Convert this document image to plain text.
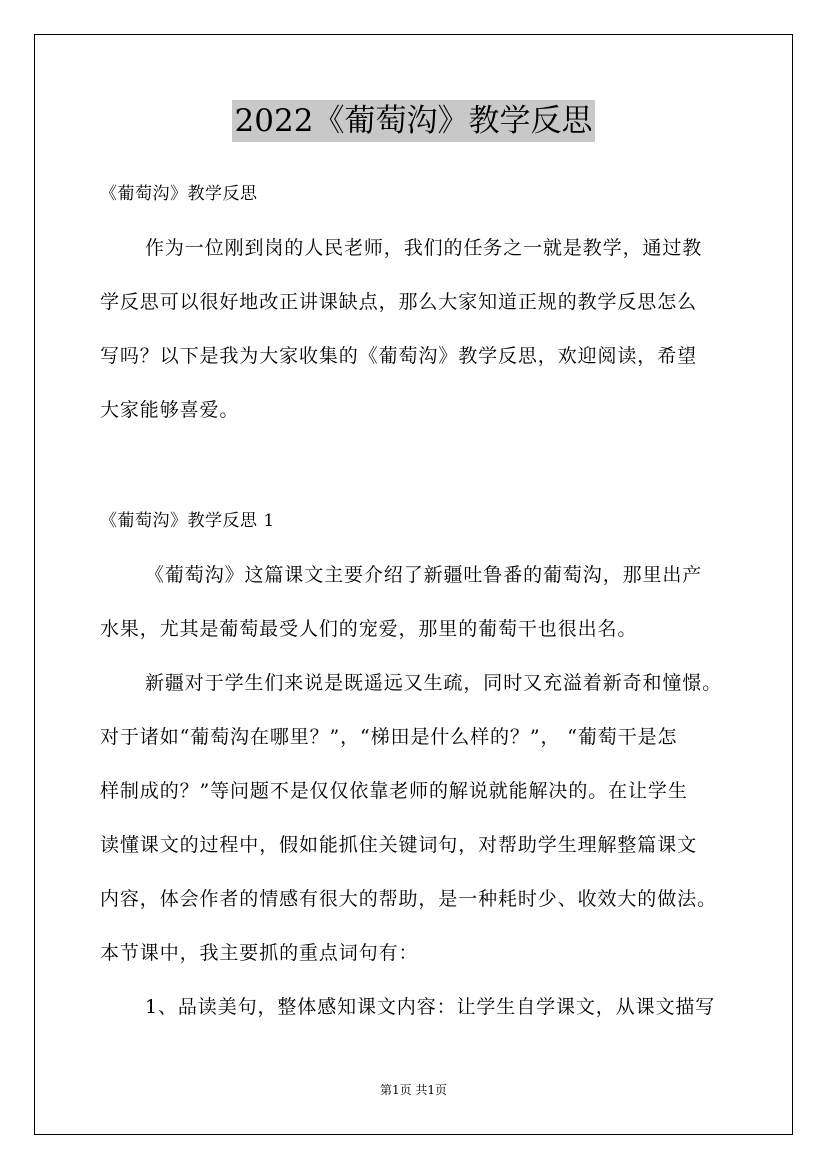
2022《葡萄沟》教学反思
《葡萄沟》教学反思
作为一位刚到岗的人民老师，我们的任务之一就是教学，通过教
学反思可以很好地改正讲课缺点，那么大家知道正规的教学反思怎么
写吗？以下是我为大家收集的《葡萄沟》教学反思，欢迎阅读，希望
大家能够喜爱。
《葡萄沟》教学反思 1
《葡萄沟》这篇课文主要介绍了新疆吐鲁番的葡萄沟，那里出产
水果，尤其是葡萄最受人们的宠爱，那里的葡萄干也很出名。
新疆对于学生们来说是既遥远又生疏，同时又充溢着新奇和憧憬。
对于诸如“葡萄沟在哪里？”，“梯田是什么样的？”， “葡萄干是怎
样制成的？”等问题不是仅仅依靠老师的解说就能解决的。在让学生
读懂课文的过程中，假如能抓住关键词句，对帮助学生理解整篇课文
内容，体会作者的情感有很大的帮助，是一种耗时少、收效大的做法。
本节课中，我主要抓的重点词句有：
1、品读美句，整体感知课文内容：让学生自学课文，从课文描写
第1页 共1页
